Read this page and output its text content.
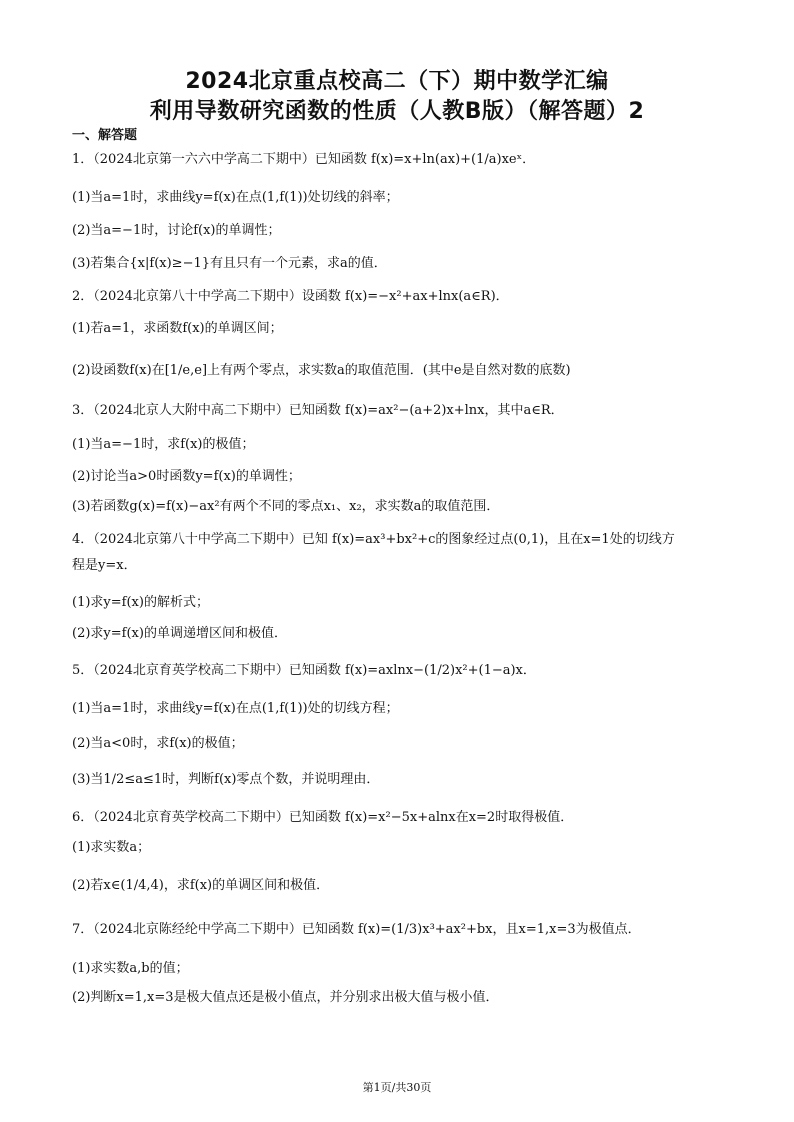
2024北京重点校高二（下）期中数学汇编
利用导数研究函数的性质（人教B版）（解答题）2
一、解答题
1．（2024北京第一六六中学高二下期中）已知函数 f(x)=x+ln(ax)+(1/a)xeˣ．
(1)当a=1时，求曲线y=f(x)在点(1,f(1))处切线的斜率；
(2)当a=−1时，讨论f(x)的单调性；
(3)若集合{x|f(x)≥−1}有且只有一个元素，求a的值．
2．（2024北京第八十中学高二下期中）设函数 f(x)=−x²+ax+lnx(a∈R)．
(1)若a=1，求函数f(x)的单调区间；
(2)设函数f(x)在[1/e,e]上有两个零点，求实数a的取值范围．(其中e是自然对数的底数)
3．（2024北京人大附中高二下期中）已知函数 f(x)=ax²−(a+2)x+lnx，其中a∈R．
(1)当a=−1时，求f(x)的极值；
(2)讨论当a>0时函数y=f(x)的单调性；
(3)若函数g(x)=f(x)−ax²有两个不同的零点x₁、x₂，求实数a的取值范围．
4．（2024北京第八十中学高二下期中）已知 f(x)=ax³+bx²+c的图象经过点(0,1)，且在x=1处的切线方
程是y=x．
(1)求y=f(x)的解析式；
(2)求y=f(x)的单调递增区间和极值．
5．（2024北京育英学校高二下期中）已知函数 f(x)=axlnx−(1/2)x²+(1−a)x．
(1)当a=1时，求曲线y=f(x)在点(1,f(1))处的切线方程；
(2)当a<0时，求f(x)的极值；
(3)当1/2≤a≤1时，判断f(x)零点个数，并说明理由．
6．（2024北京育英学校高二下期中）已知函数 f(x)=x²−5x+alnx在x=2时取得极值．
(1)求实数a；
(2)若x∈(1/4,4)，求f(x)的单调区间和极值．
7．（2024北京陈经纶中学高二下期中）已知函数 f(x)=(1/3)x³+ax²+bx，且x=1,x=3为极值点．
(1)求实数a,b的值；
(2)判断x=1,x=3是极大值点还是极小值点，并分别求出极大值与极小值．
第1页/共30页
